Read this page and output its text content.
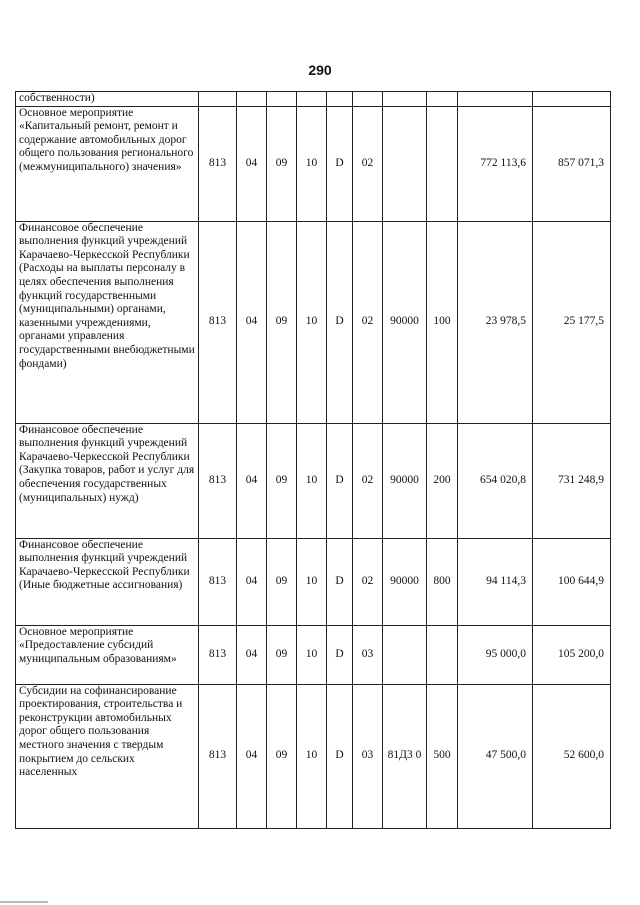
290
собственности)										
Основное мероприятие «Капитальный ремонт, ремонт и содержание автомобильных дорог общего пользования регионального (межмуниципального) значения»	813	04	09	10	D	02			772 113,6	857 071,3
Финансовое обеспечение выполнения функций учреждений Карачаево-Черкесской Республики (Расходы на выплаты персоналу в целях обеспечения выполнения функций государственными (муниципальными) органами, казенными учреждениями, органами управления государственными внебюджетными фондами)	813	04	09	10	D	02	90000	100	23 978,5	25 177,5
Финансовое обеспечение выполнения функций учреждений Карачаево-Черкесской Республики (Закупка товаров, работ и услуг для обеспечения государственных (муниципальных) нужд)	813	04	09	10	D	02	90000	200	654 020,8	731 248,9
Финансовое обеспечение выполнения функций учреждений Карачаево-Черкесской Республики (Иные бюджетные ассигнования)	813	04	09	10	D	02	90000	800	94 114,3	100 644,9
Основное мероприятие «Предоставление субсидий муниципальным образованиям»	813	04	09	10	D	03			95 000,0	105 200,0
Субсидии на софинансирование проектирования, строительства и реконструкции автомобильных дорог общего пользования местного значения с твердым покрытием до сельских населенных	813	04	09	10	D	03	81Д3 0	500	47 500,0	52 600,0
